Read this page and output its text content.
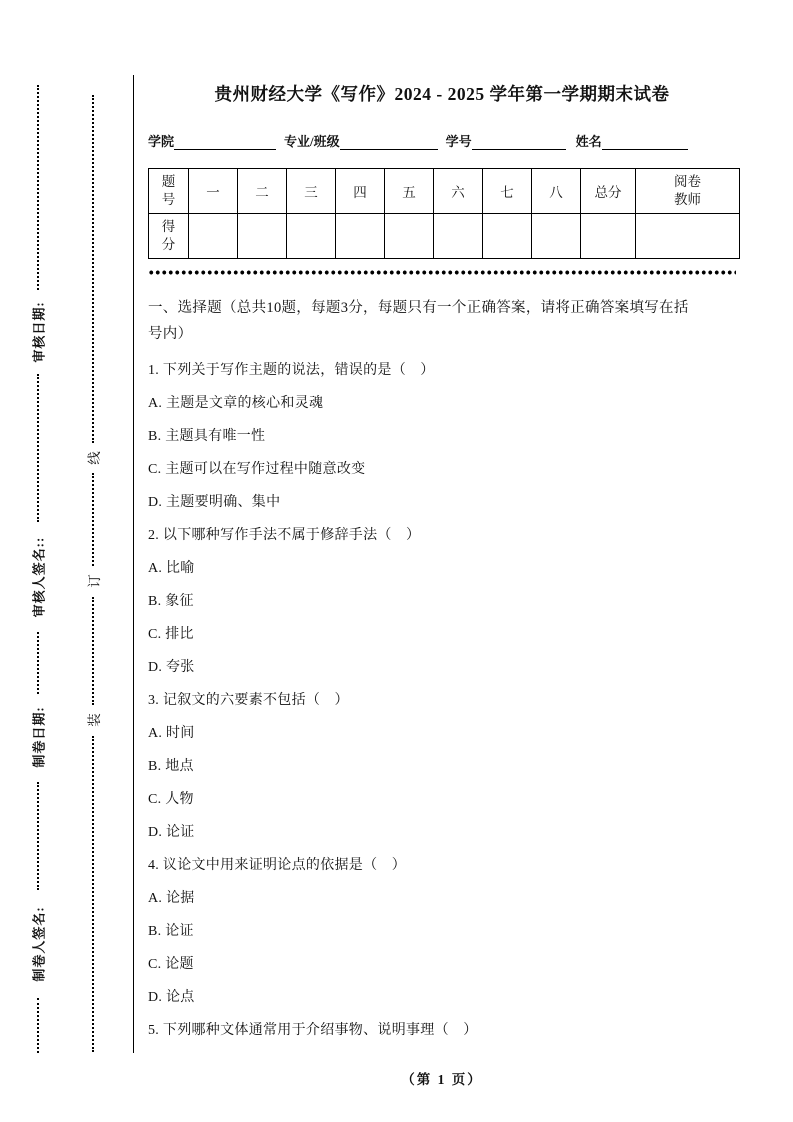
审核日期:
审核人签名::
制卷日期:
制卷人签名:
线
订
装
贵州财经大学《写作》2024 - 2025 学年第一学期期末试卷
学院	专业/班级	学号	姓名
题号	一	二	三	四	五	六	七	八	总分	阅卷教师
得分										
一、选择题（总共10题，每题3分，每题只有一个正确答案，请将正确答案填写在括
号内）
1. 下列关于写作主题的说法，错误的是（　）
A. 主题是文章的核心和灵魂
B. 主题具有唯一性
C. 主题可以在写作过程中随意改变
D. 主题要明确、集中
2. 以下哪种写作手法不属于修辞手法（　）
A. 比喻
B. 象征
C. 排比
D. 夸张
3. 记叙文的六要素不包括（　）
A. 时间
B. 地点
C. 人物
D. 论证
4. 议论文中用来证明论点的依据是（　）
A. 论据
B. 论证
C. 论题
D. 论点
5. 下列哪种文体通常用于介绍事物、说明事理（　）
（第 1 页）
